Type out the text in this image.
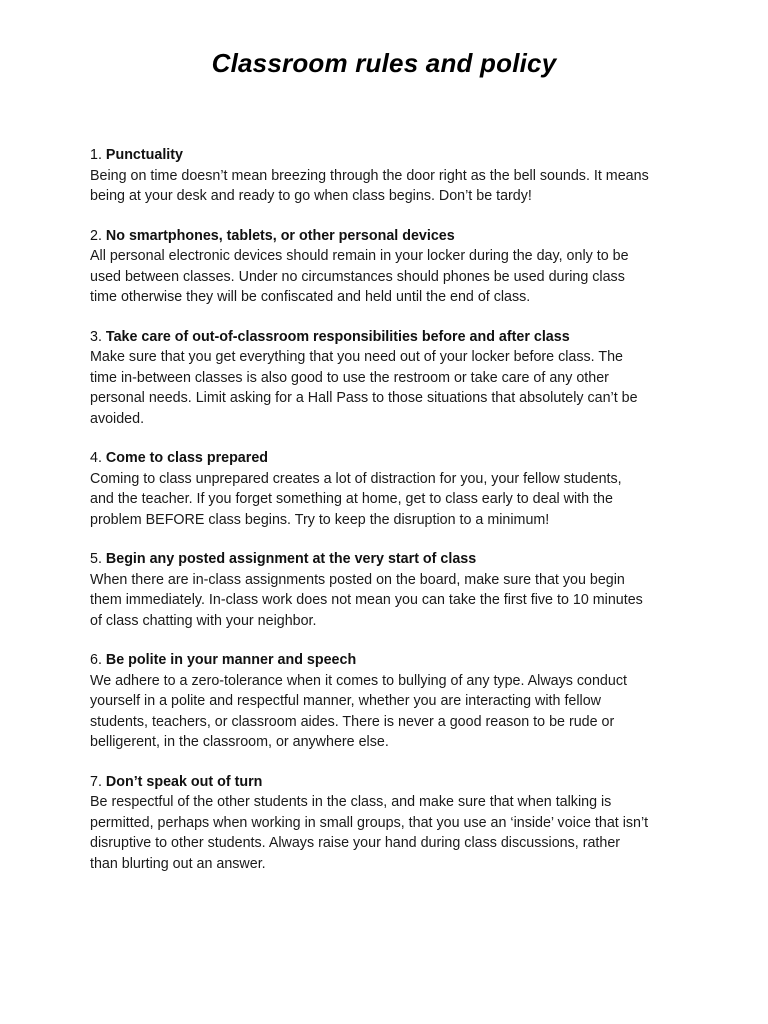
Classroom rules and policy
1. Punctuality
Being on time doesn’t mean breezing through the door right as the bell sounds. It means
being at your desk and ready to go when class begins. Don’t be tardy!
2. No smartphones, tablets, or other personal devices
All personal electronic devices should remain in your locker during the day, only to be
used between classes. Under no circumstances should phones be used during class
time otherwise they will be confiscated and held until the end of class.
3. Take care of out-of-classroom responsibilities before and after class
Make sure that you get everything that you need out of your locker before class. The
time in-between classes is also good to use the restroom or take care of any other
personal needs. Limit asking for a Hall Pass to those situations that absolutely can’t be
avoided.
4. Come to class prepared
Coming to class unprepared creates a lot of distraction for you, your fellow students,
and the teacher. If you forget something at home, get to class early to deal with the
problem BEFORE class begins. Try to keep the disruption to a minimum!
5. Begin any posted assignment at the very start of class
When there are in-class assignments posted on the board, make sure that you begin
them immediately. In-class work does not mean you can take the first five to 10 minutes
of class chatting with your neighbor.
6. Be polite in your manner and speech
We adhere to a zero-tolerance when it comes to bullying of any type. Always conduct
yourself in a polite and respectful manner, whether you are interacting with fellow
students, teachers, or classroom aides. There is never a good reason to be rude or
belligerent, in the classroom, or anywhere else.
7. Don’t speak out of turn
Be respectful of the other students in the class, and make sure that when talking is
permitted, perhaps when working in small groups, that you use an ‘inside’ voice that isn’t
disruptive to other students. Always raise your hand during class discussions, rather
than blurting out an answer.
